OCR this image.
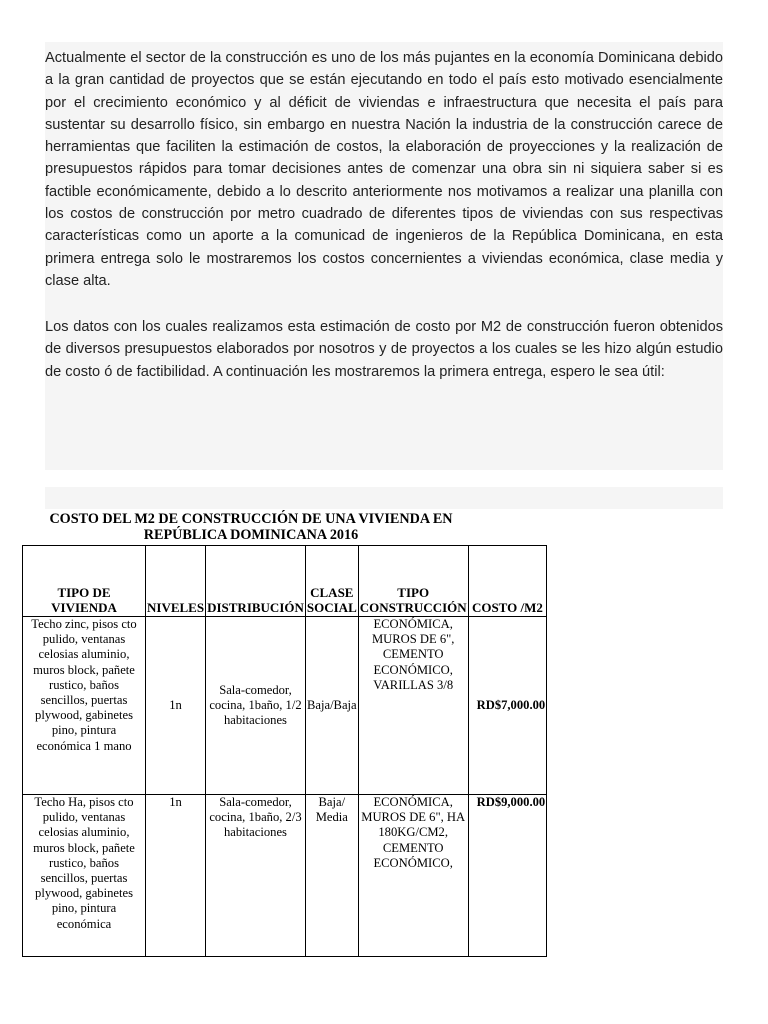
Actualmente el sector de la construcción es uno de los más pujantes en la economía Dominicana debido a la gran cantidad de proyectos que se están ejecutando en todo el país esto motivado esencialmente por el crecimiento económico y al déficit de viviendas e infraestructura que necesita el país para sustentar su desarrollo físico, sin embargo en nuestra Nación la industria de la construcción carece de herramientas que faciliten la estimación de costos, la elaboración de proyecciones y la realización de presupuestos rápidos para tomar decisiones antes de comenzar una obra sin ni siquiera saber si es factible económicamente, debido a lo descrito anteriormente nos motivamos a realizar una planilla con los costos de construcción por metro cuadrado de diferentes tipos de viviendas con sus respectivas características como un aporte a la comunicad de ingenieros de la República Dominicana, en esta primera entrega solo le mostraremos los costos concernientes a viviendas económica, clase media y clase alta.

Los datos con los cuales realizamos esta estimación de costo por M2 de construcción fueron obtenidos de diversos presupuestos elaborados por nosotros y de proyectos a los cuales se les hizo algún estudio de costo ó de factibilidad. A continuación les mostraremos la primera entrega, espero le sea útil:

COSTO DEL M2 DE CONSTRUCCIÓN DE UNA VIVIENDA EN REPÚBLICA DOMINICANA 2016
TIPO DE VIVIENDA	NIVELES	DISTRIBUCIÓN	CLASE SOCIAL	TIPO CONSTRUCCIÓN	COSTO /M2
Techo zinc, pisos cto pulido, ventanas celosias aluminio, muros block, pañete rustico, baños sencillos, puertas plywood, gabinetes pino, pintura económica 1 mano	1n	Sala-comedor, cocina, 1baño, 1/2 habitaciones	Baja/Baja	ECONÓMICA, MUROS DE 6", CEMENTO ECONÓMICO, VARILLAS 3/8	RD$7,000.00
Techo Ha, pisos cto pulido, ventanas celosias aluminio, muros block, pañete rustico, baños sencillos, puertas plywood, gabinetes pino, pintura económica	1n	Sala-comedor, cocina, 1baño, 2/3 habitaciones	Baja/ Media	ECONÓMICA, MUROS DE 6", HA 180KG/CM2, CEMENTO ECONÓMICO,	RD$9,000.00
